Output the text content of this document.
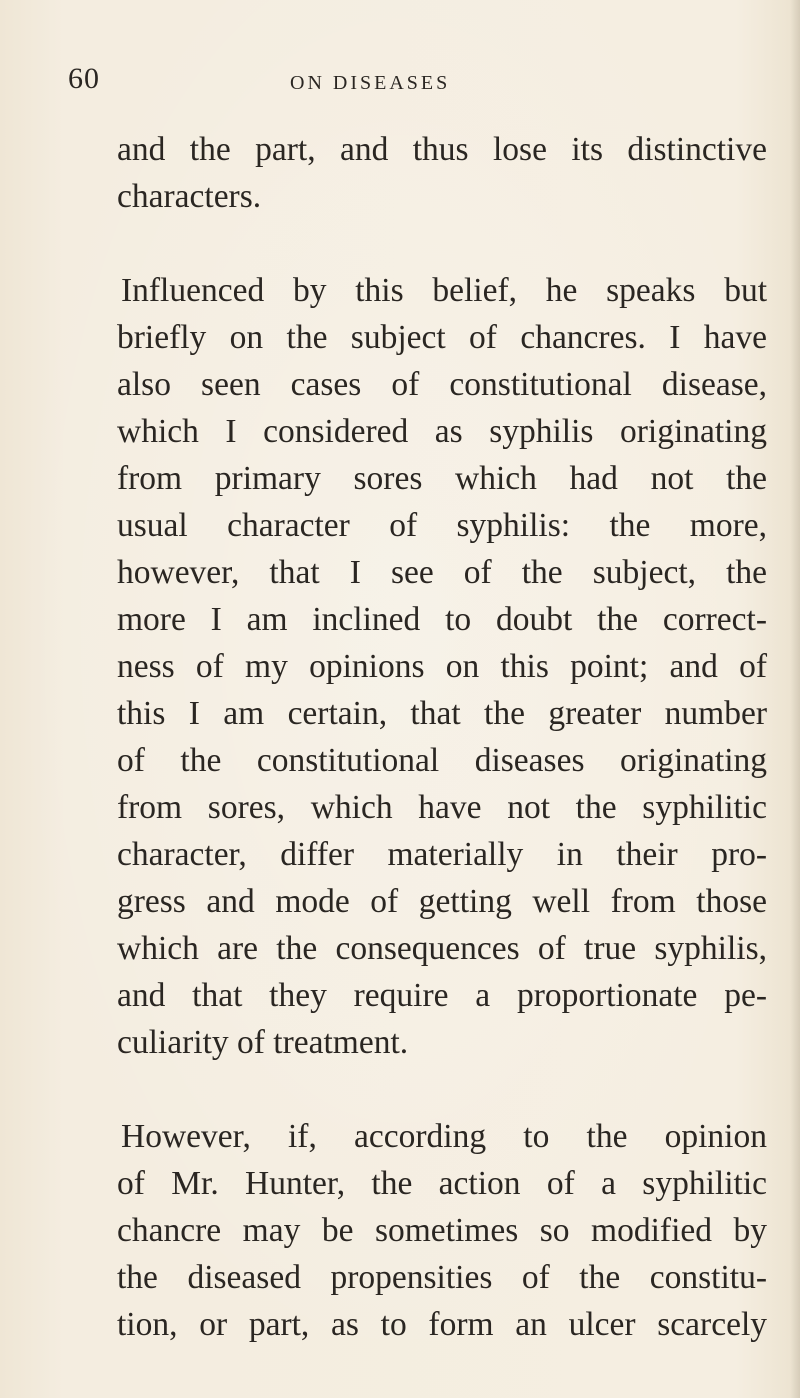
60	ON DISEASES
and the part, and thus lose its distinctive
characters.
Influenced by this belief, he speaks but
briefly on the subject of chancres. I have
also seen cases of constitutional disease,
which I considered as syphilis originating
from primary sores which had not the
usual character of syphilis: the more,
however, that I see of the subject, the
more I am inclined to doubt the correct-
ness of my opinions on this point; and of
this I am certain, that the greater number
of the constitutional diseases originating
from sores, which have not the syphilitic
character, differ materially in their pro-
gress and mode of getting well from those
which are the consequences of true syphilis,
and that they require a proportionate pe-
culiarity of treatment.
However, if, according to the opinion
of Mr. Hunter, the action of a syphilitic
chancre may be sometimes so modified by
the diseased propensities of the constitu-
tion, or part, as to form an ulcer scarcely
